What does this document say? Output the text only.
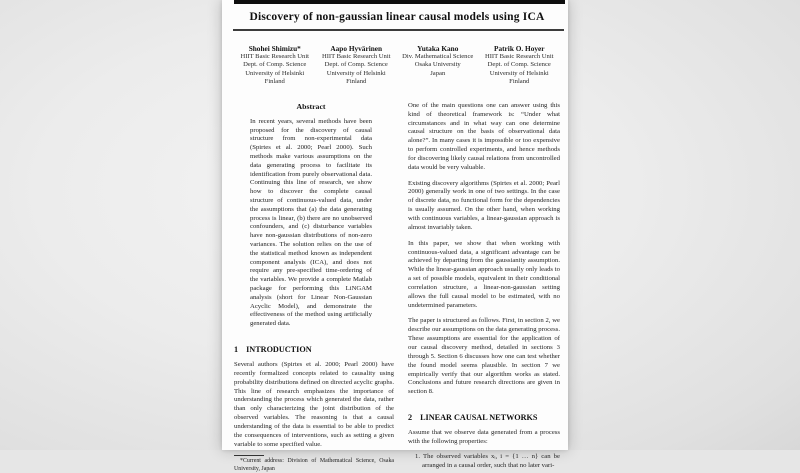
Discovery of non-gaussian linear causal models using ICA
Shohei Shimizu*
HIIT Basic Research Unit
Dept. of Comp. Science
University of Helsinki
Finland
Aapo Hyvärinen
HIIT Basic Research Unit
Dept. of Comp. Science
University of Helsinki
Finland
Yutaka Kano
Div. Mathematical Science
Osaka University
Japan
Patrik O. Hoyer
HIIT Basic Research Unit
Dept. of Comp. Science
University of Helsinki
Finland
Abstract

In recent years, several methods have been proposed for the discovery of causal structure from non-experimental data (Spirtes et al. 2000; Pearl 2000). Such methods make various assumptions on the data generating process to facilitate its identification from purely observational data. Continuing this line of research, we show how to discover the complete causal structure of continuous-valued data, under the assumptions that (a) the data generating process is linear, (b) there are no unobserved confounders, and (c) disturbance variables have non-gaussian distributions of non-zero variances. The solution relies on the use of the statistical method known as independent component analysis (ICA), and does not require any pre-specified time-ordering of the variables. We provide a complete Matlab package for performing this LiNGAM analysis (short for Linear Non-Gaussian Acyclic Model), and demonstrate the effectiveness of the method using artificially generated data.

1 INTRODUCTION

Several authors (Spirtes et al. 2000; Pearl 2000) have recently formalized concepts related to causality using probability distributions defined on directed acyclic graphs. This line of research emphasizes the importance of understanding the process which generated the data, rather than only characterizing the joint distribution of the observed variables. The reasoning is that a causal understanding of the data is essential to be able to predict the consequences of interventions, such as setting a given variable to some specified value.

*Current address: Division of Mathematical Science, Osaka University, Japan

One of the main questions one can answer using this kind of theoretical framework is: “Under what circumstances and in what way can one determine causal structure on the basis of observational data alone?”. In many cases it is impossible or too expensive to perform controlled experiments, and hence methods for discovering likely causal relations from uncontrolled data would be very valuable.

Existing discovery algorithms (Spirtes et al. 2000; Pearl 2000) generally work in one of two settings. In the case of discrete data, no functional form for the dependencies is usually assumed. On the other hand, when working with continuous variables, a linear-gaussian approach is almost invariably taken.

In this paper, we show that when working with continuous-valued data, a significant advantage can be achieved by departing from the gaussianity assumption. While the linear-gaussian approach usually only leads to a set of possible models, equivalent in their conditional correlation structure, a linear-non-gaussian setting allows the full causal model to be estimated, with no undetermined parameters.

The paper is structured as follows. First, in section 2, we describe our assumptions on the data generating process. These assumptions are essential for the application of our causal discovery method, detailed in sections 3 through 5. Section 6 discusses how one can test whether the found model seems plausible. In section 7 we empirically verify that our algorithm works as stated. Conclusions and future research directions are given in section 8.

2 LINEAR CAUSAL NETWORKS

Assume that we observe data generated from a process with the following properties:

1. The observed variables xᵢ, i = {1 … n} can be arranged in a causal order, such that no later vari-
